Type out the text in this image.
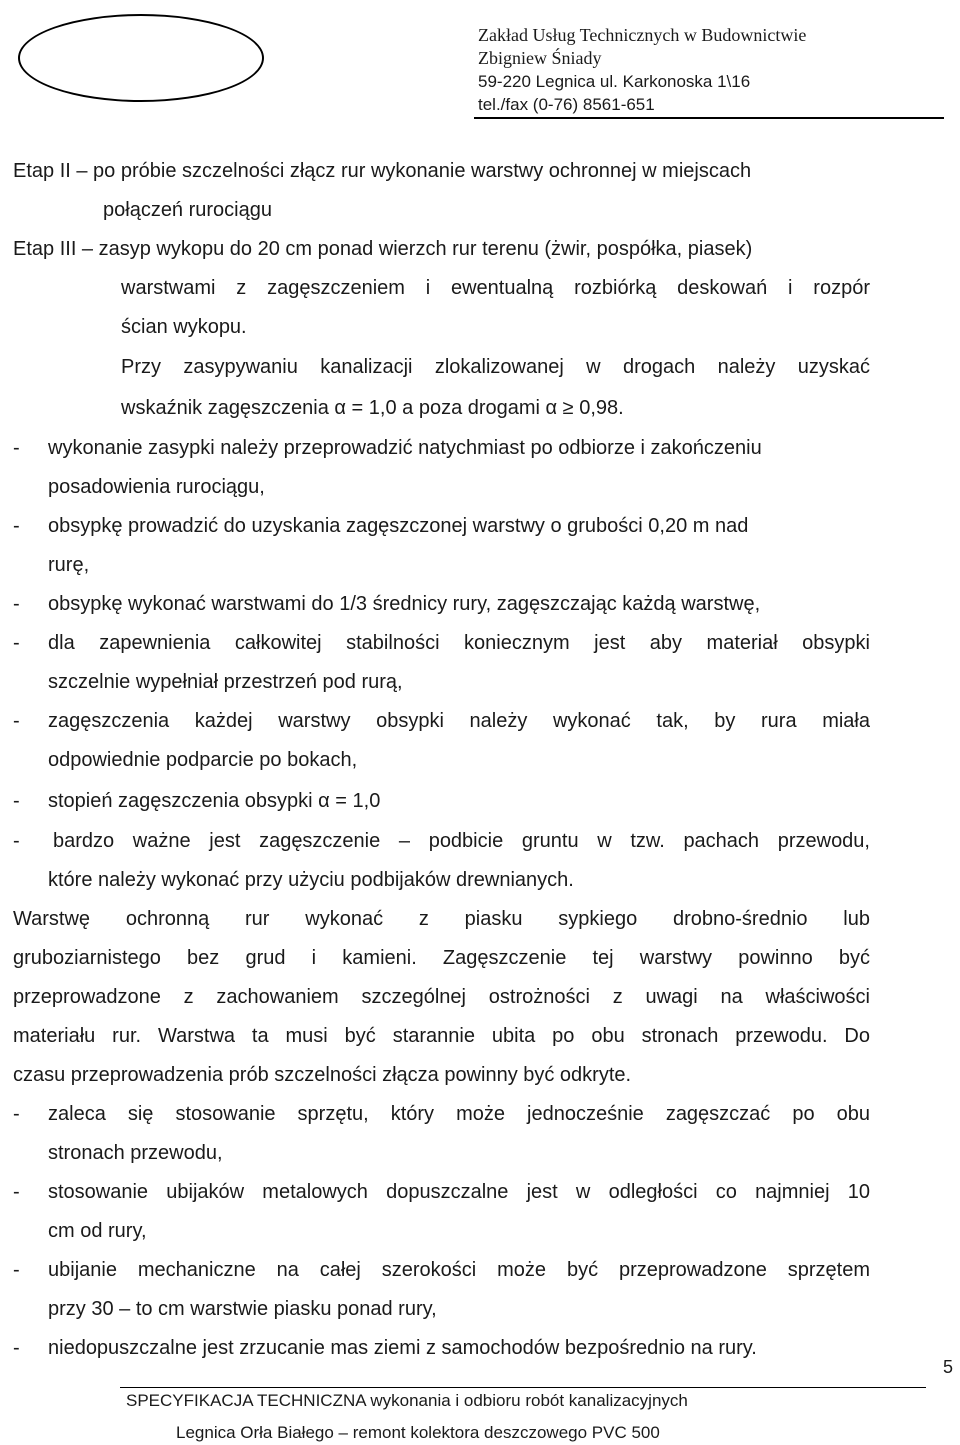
Zakład Usług Technicznych w Budownictwie
Zbigniew Śniady
59-220 Legnica ul. Karkonoska 1\16
tel./fax (0-76) 8561-651
Etap II – po próbie szczelności złącz rur wykonanie warstwy ochronnej w miejscach
połączeń rurociągu
Etap III – zasyp wykopu do 20 cm ponad wierzch rur terenu (żwir, pospółka, piasek)
warstwami z zagęszczeniem i ewentualną rozbiórką deskowań i rozpór
ścian wykopu.
Przy zasypywaniu kanalizacji zlokalizowanej w drogach należy uzyskać
wskaźnik zagęszczenia α = 1,0 a poza drogami α ≥ 0,98.
- wykonanie zasypki należy przeprowadzić natychmiast po odbiorze i zakończeniu
posadowienia rurociągu,
- obsypkę prowadzić do uzyskania zagęszczonej warstwy o grubości 0,20 m nad
rurę,
- obsypkę wykonać warstwami do 1/3 średnicy rury, zagęszczając każdą warstwę,
- dla zapewnienia całkowitej stabilności koniecznym jest aby materiał obsypki
szczelnie wypełniał przestrzeń pod rurą,
- zagęszczenia każdej warstwy obsypki należy wykonać tak, by rura miała
odpowiednie podparcie po bokach,
- stopień zagęszczenia obsypki α = 1,0
- bardzo ważne jest zagęszczenie – podbicie gruntu w tzw. pachach przewodu,
które należy wykonać przy użyciu podbijaków drewnianych.
Warstwę ochronną rur wykonać z piasku sypkiego drobno-średnio lub
gruboziarnistego bez grud i kamieni. Zagęszczenie tej warstwy powinno być
przeprowadzone z zachowaniem szczególnej ostrożności z uwagi na właściwości
materiału rur. Warstwa ta musi być starannie ubita po obu stronach przewodu. Do
czasu przeprowadzenia prób szczelności złącza powinny być odkryte.
- zaleca się stosowanie sprzętu, który może jednocześnie zagęszczać po obu
stronach przewodu,
- stosowanie ubijaków metalowych dopuszczalne jest w odległości co najmniej 10
cm od rury,
- ubijanie mechaniczne na całej szerokości może być przeprowadzone sprzętem
przy 30 – to cm warstwie piasku ponad rury,
- niedopuszczalne jest zrzucanie mas ziemi z samochodów bezpośrednio na rury.
5
SPECYFIKACJA TECHNICZNA wykonania i odbioru robót kanalizacyjnych
Legnica Orła Białego – remont kolektora deszczowego PVC 500
